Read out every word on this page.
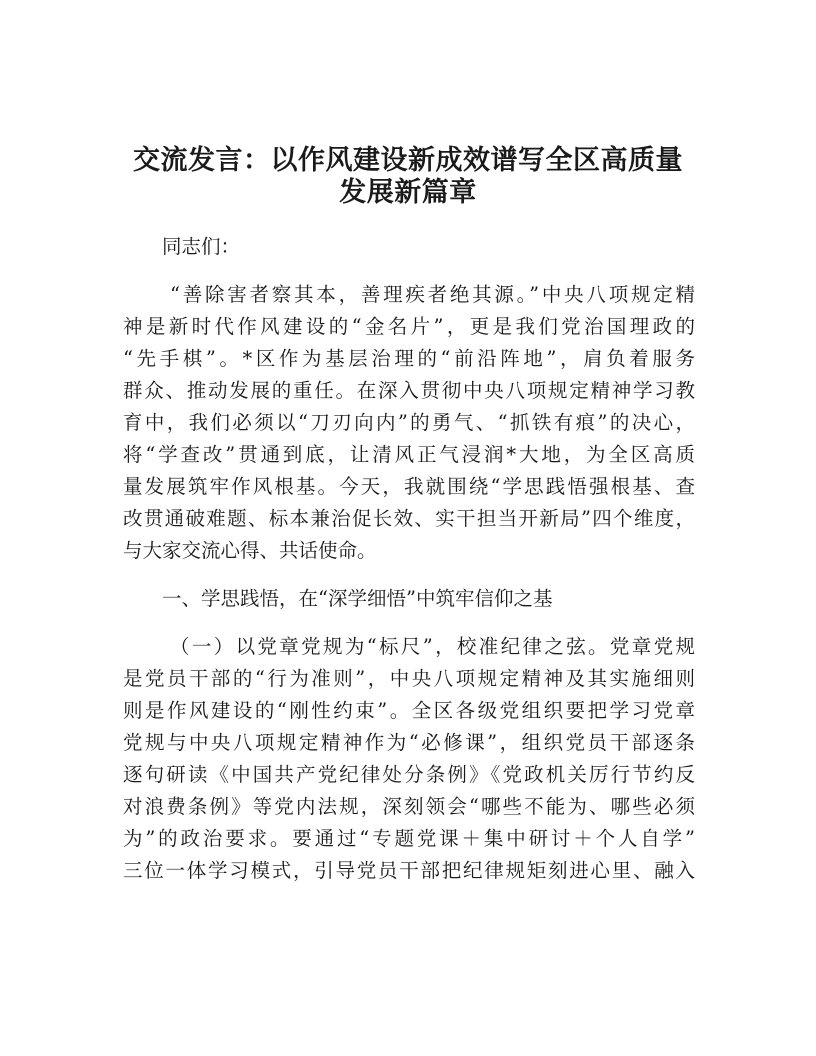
交流发言：以作风建设新成效谱写全区高质量
发展新篇章

同志们：

“善除害者察其本，善理疾者绝其源。”中央八项规定精

神是新时代作风建设的“金名片”，更是我们党治国理政的

“先手棋”。*区作为基层治理的“前沿阵地”，肩负着服务

群众、推动发展的重任。在深入贯彻中央八项规定精神学习教

育中，我们必须以“刀刃向内”的勇气、“抓铁有痕”的决心，

将“学查改”贯通到底，让清风正气浸润*大地，为全区高质

量发展筑牢作风根基。今天，我就围绕“学思践悟强根基、查

改贯通破难题、标本兼治促长效、实干担当开新局”四个维度，

与大家交流心得、共话使命。

一、学思践悟，在“深学细悟”中筑牢信仰之基

（一）以党章党规为“标尺”，校准纪律之弦。党章党规

是党员干部的“行为准则”，中央八项规定精神及其实施细则

则是作风建设的“刚性约束”。全区各级党组织要把学习党章

党规与中央八项规定精神作为“必修课”，组织党员干部逐条

逐句研读《中国共产党纪律处分条例》《党政机关厉行节约反

对浪费条例》等党内法规，深刻领会“哪些不能为、哪些必须

为”的政治要求。要通过“专题党课＋集中研讨＋个人自学”

三位一体学习模式，引导党员干部把纪律规矩刻进心里、融入
